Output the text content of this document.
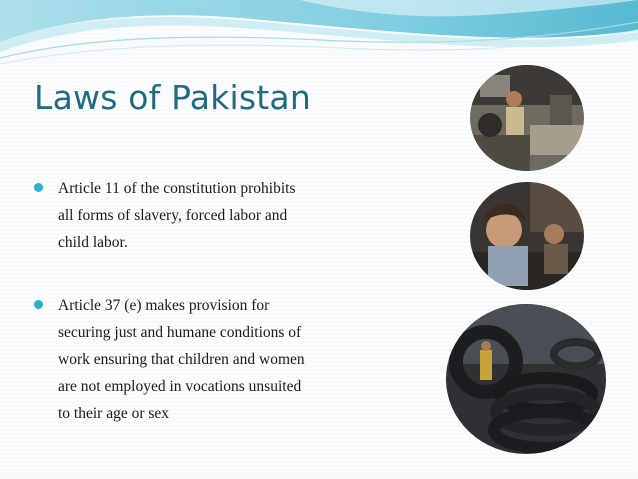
Laws of Pakistan
Article 11 of the constitution prohibits
all forms of slavery, forced labor and
child labor.
Article 37 (e) makes provision for
securing just and humane conditions of
work ensuring that children and women
are not employed in vocations unsuited
to their age or sex
